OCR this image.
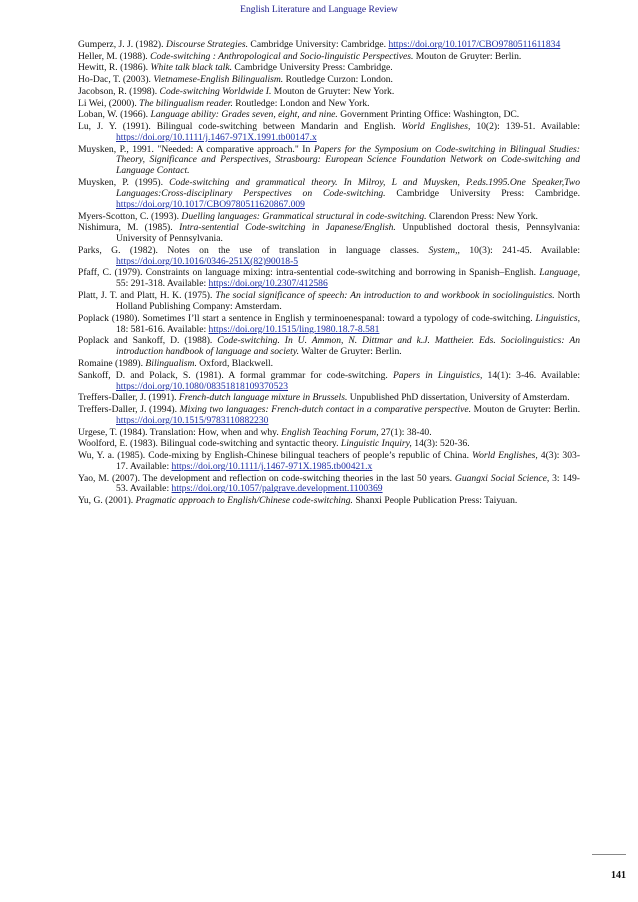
English Literature and Language Review
Gumperz, J. J. (1982). Discourse Strategies. Cambridge University: Cambridge. https://doi.org/10.1017/CBO9780511611834
Heller, M. (1988). Code-switching : Anthropological and Socio-linguistic Perspectives. Mouton de Gruyter: Berlin.
Hewitt, R. (1986). White talk black talk. Cambridge University Press: Cambridge.
Ho-Dac, T. (2003). Vietnamese-English Bilingualism. Routledge Curzon: London.
Jacobson, R. (1998). Code-switching Worldwide I. Mouton de Gruyter: New York.
Li Wei, (2000). The bilingualism reader. Routledge: London and New York.
Loban, W. (1966). Language ability: Grades seven, eight, and nine. Government Printing Office: Washington, DC.
Lu, J. Y. (1991). Bilingual code-switching between Mandarin and English. World Englishes, 10(2): 139-51. Available: https://doi.org/10.1111/j.1467-971X.1991.tb00147.x
Muysken, P., 1991. "Needed: A comparative approach." In Papers for the Symposium on Code-switching in Bilingual Studies: Theory, Significance and Perspectives, Strasbourg: European Science Foundation Network on Code-switching and Language Contact.
Muysken, P. (1995). Code-switching and grammatical theory. In Milroy, L and Muysken, P.eds.1995.One Speaker,Two Languages:Cross-disciplinary Perspectives on Code-switching. Cambridge University Press: Cambridge. https://doi.org/10.1017/CBO9780511620867.009
Myers-Scotton, C. (1993). Duelling languages: Grammatical structural in code-switching. Clarendon Press: New York.
Nishimura, M. (1985). Intra-sentential Code-switching in Japanese/English. Unpublished doctoral thesis, Pennsylvania: University of Pennsylvania.
Parks, G. (1982). Notes on the use of translation in language classes. System,, 10(3): 241-45. Available: https://doi.org/10.1016/0346-251X(82)90018-5
Pfaff, C. (1979). Constraints on language mixing: intra-sentential code-switching and borrowing in Spanish–English. Language, 55: 291-318. Available: https://doi.org/10.2307/412586
Platt, J. T. and Platt, H. K. (1975). The social significance of speech: An introduction to and workbook in sociolinguistics. North Holland Publishing Company: Amsterdam.
Poplack (1980). Sometimes I’ll start a sentence in English y terminoenespanal: toward a typology of code-switching. Linguistics, 18: 581-616. Available: https://doi.org/10.1515/ling.1980.18.7-8.581
Poplack and Sankoff, D. (1988). Code-switching. In U. Ammon, N. Dittmar and k.J. Mattheier. Eds. Sociolinguistics: An introduction handbook of language and society. Walter de Gruyter: Berlin.
Romaine (1989). Bilingualism. Oxford, Blackwell.
Sankoff, D. and Polack, S. (1981). A formal grammar for code-switching. Papers in Linguistics, 14(1): 3-46. Available: https://doi.org/10.1080/08351818109370523
Treffers-Daller, J. (1991). French-dutch language mixture in Brussels. Unpublished PhD dissertation, University of Amsterdam.
Treffers-Daller, J. (1994). Mixing two languages: French-dutch contact in a comparative perspective. Mouton de Gruyter: Berlin. https://doi.org/10.1515/9783110882230
Urgese, T. (1984). Translation: How, when and why. English Teaching Forum, 27(1): 38-40.
Woolford, E. (1983). Bilingual code-switching and syntactic theory. Linguistic Inquiry, 14(3): 520-36.
Wu, Y. a. (1985). Code-mixing by English-Chinese bilingual teachers of people’s republic of China. World Englishes, 4(3): 303-17. Available: https://doi.org/10.1111/j.1467-971X.1985.tb00421.x
Yao, M. (2007). The development and reflection on code-switching theories in the last 50 years. Guangxi Social Science, 3: 149-53. Available: https://doi.org/10.1057/palgrave.development.1100369
Yu, G. (2001). Pragmatic approach to English/Chinese code-switching. Shanxi People Publication Press: Taiyuan.
141
